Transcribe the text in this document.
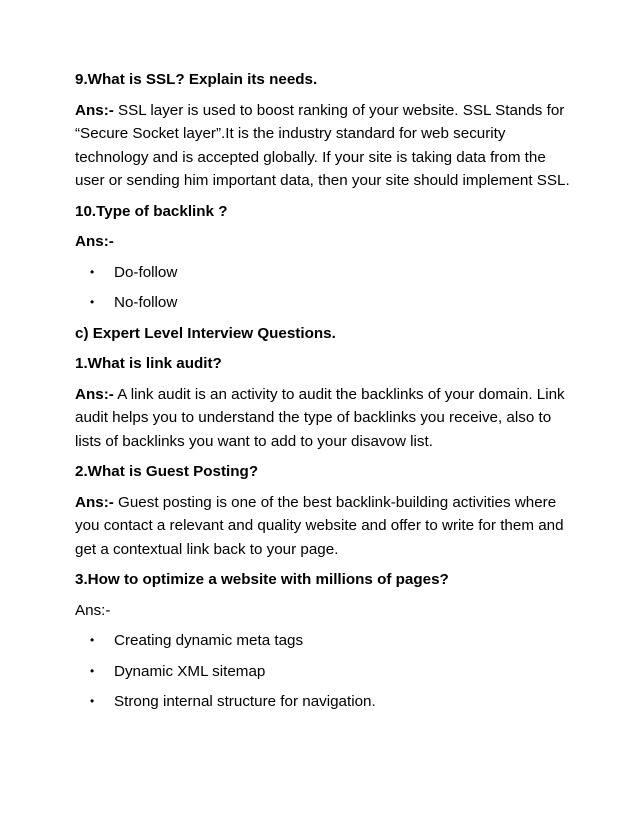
9.What is SSL? Explain its needs.

Ans:- SSL layer is used to boost ranking of your website. SSL Stands for “Secure Socket layer”.It is the industry standard for web security technology and is accepted globally. If your site is taking data from the user or sending him important data, then your site should implement SSL.

10.Type of backlink ?

Ans:-

• Do-follow
• No-follow

c) Expert Level Interview Questions.

1.What is link audit?

Ans:- A link audit is an activity to audit the backlinks of your domain. Link audit helps you to understand the type of backlinks you receive, also to lists of backlinks you want to add to your disavow list.

2.What is Guest Posting?

Ans:- Guest posting is one of the best backlink-building activities where you contact a relevant and quality website and offer to write for them and get a contextual link back to your page.

3.How to optimize a website with millions of pages?

Ans:-

• Creating dynamic meta tags
• Dynamic XML sitemap
• Strong internal structure for navigation.
